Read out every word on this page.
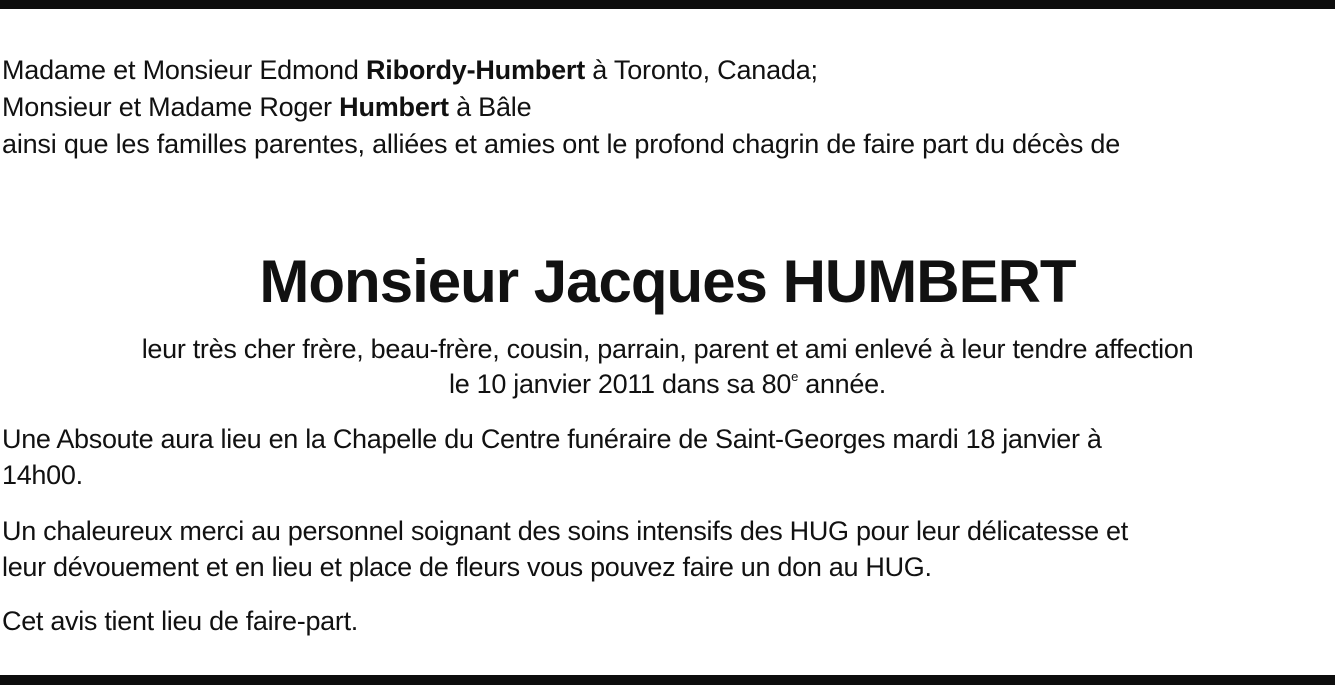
Madame et Monsieur Edmond Ribordy-Humbert à Toronto, Canada;
Monsieur et Madame Roger Humbert à Bâle
ainsi que les familles parentes, alliées et amies ont le profond chagrin de faire part du décès de
Monsieur Jacques HUMBERT
leur très cher frère, beau-frère, cousin, parrain, parent et ami enlevé à leur tendre affection
le 10 janvier 2011 dans sa 80e année.
Une Absoute aura lieu en la Chapelle du Centre funéraire de Saint-Georges mardi 18 janvier à
14h00.
Un chaleureux merci au personnel soignant des soins intensifs des HUG pour leur délicatesse et
leur dévouement et en lieu et place de fleurs vous pouvez faire un don au HUG.
Cet avis tient lieu de faire-part.
